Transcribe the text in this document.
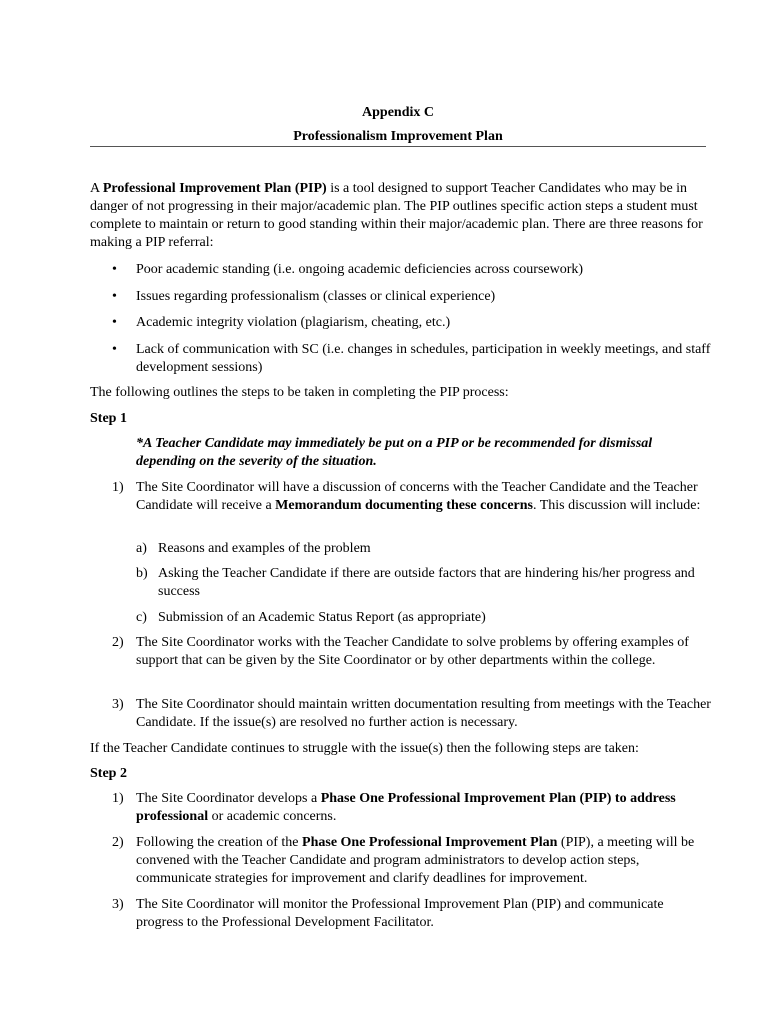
Appendix C
Professionalism Improvement Plan

A Professional Improvement Plan (PIP) is a tool designed to support Teacher Candidates who may be in danger of not progressing in their major/academic plan. The PIP outlines specific action steps a student must complete to maintain or return to good standing within their major/academic plan. There are three reasons for making a PIP referral:

• Poor academic standing (i.e. ongoing academic deficiencies across coursework)
• Issues regarding professionalism (classes or clinical experience)
• Academic integrity violation (plagiarism, cheating, etc.)
• Lack of communication with SC (i.e. changes in schedules, participation in weekly meetings, and staff development sessions)

The following outlines the steps to be taken in completing the PIP process:

Step 1

*A Teacher Candidate may immediately be put on a PIP or be recommended for dismissal depending on the severity of the situation.

1) The Site Coordinator will have a discussion of concerns with the Teacher Candidate and the Teacher Candidate will receive a Memorandum documenting these concerns. This discussion will include:
a) Reasons and examples of the problem
b) Asking the Teacher Candidate if there are outside factors that are hindering his/her progress and success
c) Submission of an Academic Status Report (as appropriate)
2) The Site Coordinator works with the Teacher Candidate to solve problems by offering examples of support that can be given by the Site Coordinator or by other departments within the college.
3) The Site Coordinator should maintain written documentation resulting from meetings with the Teacher Candidate. If the issue(s) are resolved no further action is necessary.

If the Teacher Candidate continues to struggle with the issue(s) then the following steps are taken:

Step 2

1) The Site Coordinator develops a Phase One Professional Improvement Plan (PIP) to address professional or academic concerns.
2) Following the creation of the Phase One Professional Improvement Plan (PIP), a meeting will be convened with the Teacher Candidate and program administrators to develop action steps, communicate strategies for improvement and clarify deadlines for improvement.
3) The Site Coordinator will monitor the Professional Improvement Plan (PIP) and communicate progress to the Professional Development Facilitator.
